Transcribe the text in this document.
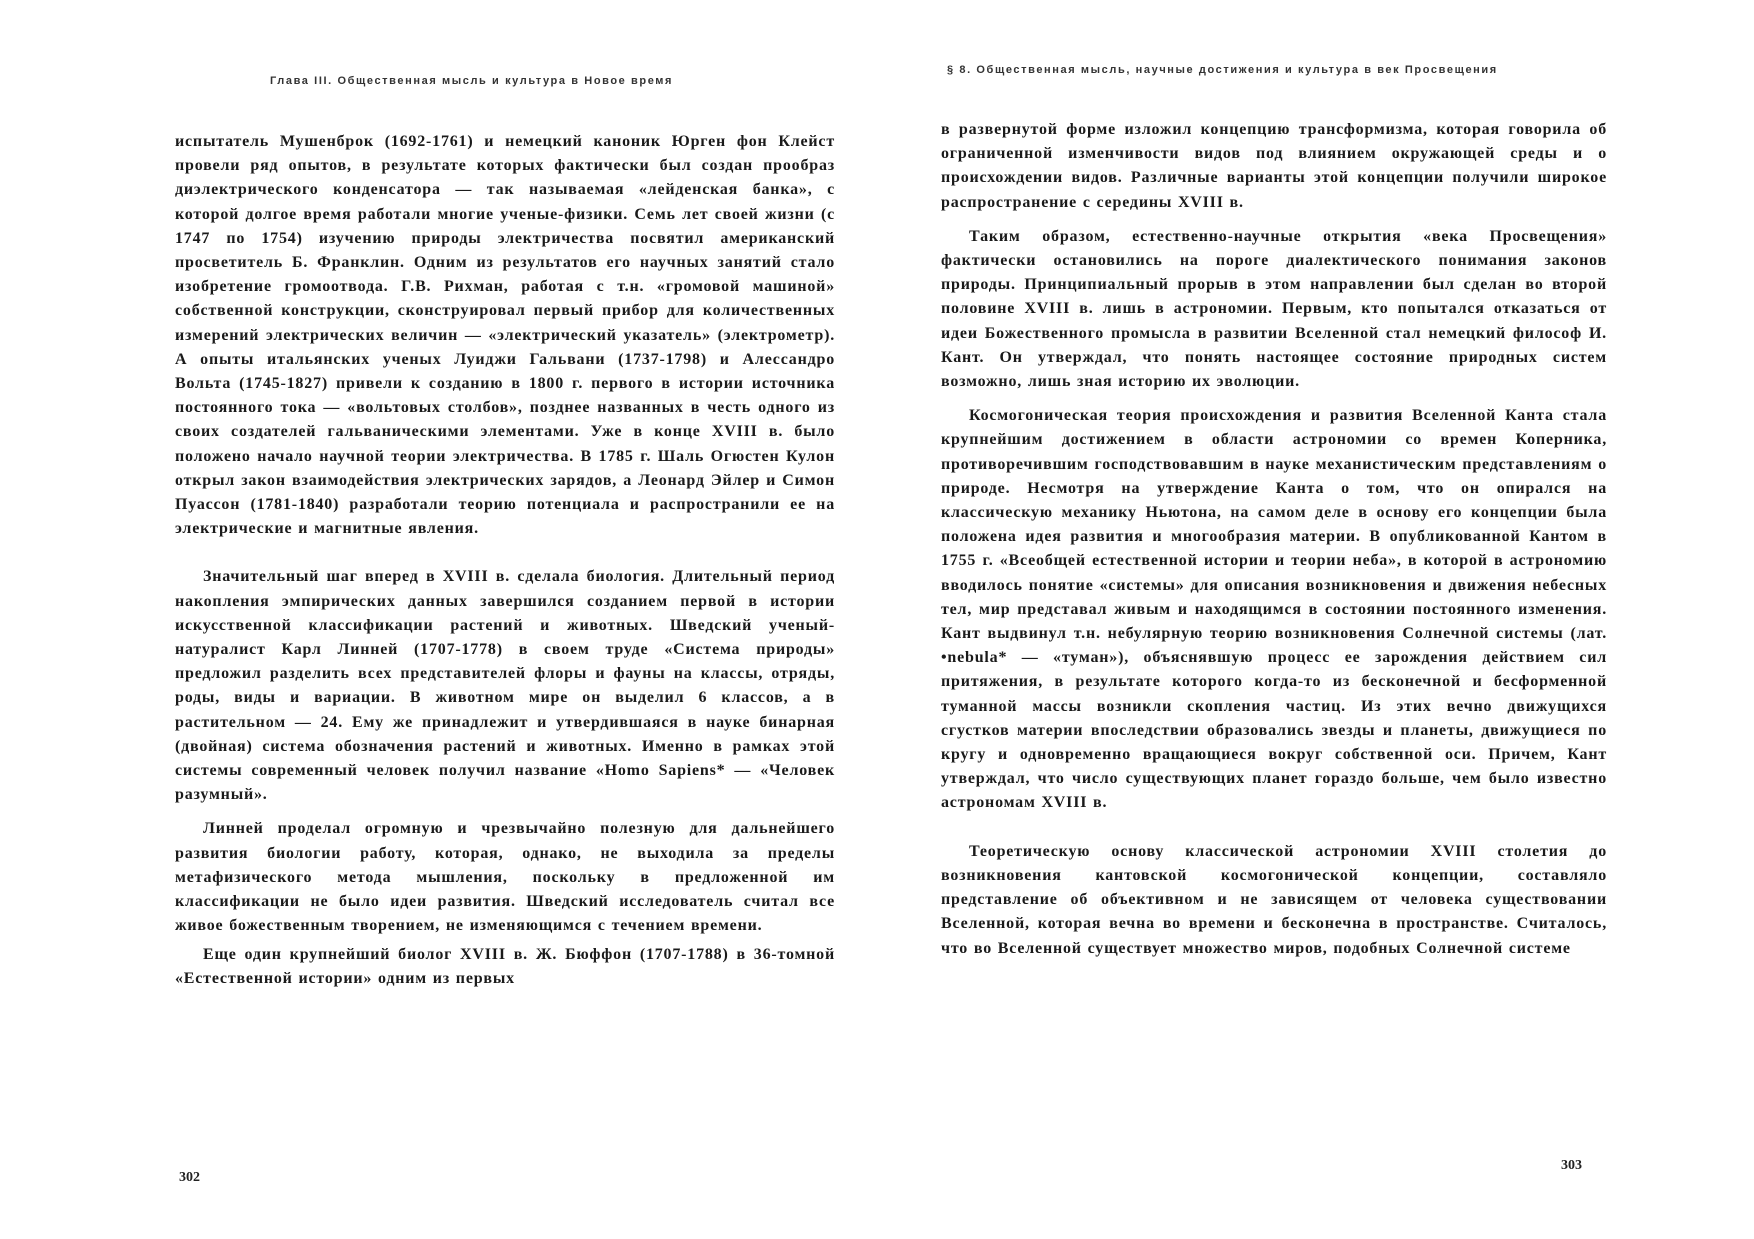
Глава III. Общественная мысль и культура в Новое время

испытатель Мушенброк (1692-1761) и немецкий каноник Юрген фон Клейст провели ряд опытов, в результате которых фактически был создан прообраз диэлектрического конденсатора — так называемая «лейденская банка», с которой долгое время работали многие ученые-физики. Семь лет своей жизни (с 1747 по 1754) изучению природы электричества посвятил американский просветитель Б. Франклин. Одним из результатов его научных занятий стало изобретение громоотвода. Г.В. Рихман, работая с т.н. «громовой машиной» собственной конструкции, сконструировал первый прибор для количественных измерений электрических величин — «электрический указатель» (электрометр). А опыты итальянских ученых Луиджи Гальвани (1737-1798) и Алессандро Вольта (1745-1827) привели к созданию в 1800 г. первого в истории источника постоянного тока — «вольтовых столбов», позднее названных в честь одного из своих создателей гальваническими элементами. Уже в конце XVIII в. было положено начало научной теории электричества. В 1785 г. Шаль Огюстен Кулон открыл закон взаимодействия электрических зарядов, а Леонард Эйлер и Симон Пуассон (1781-1840) разработали теорию потенциала и распространили ее на электрические и магнитные явления.

Значительный шаг вперед в XVIII в. сделала биология. Длительный период накопления эмпирических данных завершился созданием первой в истории искусственной классификации растений и животных. Шведский ученый-натуралист Карл Линней (1707-1778) в своем труде «Система природы» предложил разделить всех представителей флоры и фауны на классы, отряды, роды, виды и вариации. В животном мире он выделил 6 классов, а в растительном — 24. Ему же принадлежит и утвердившаяся в науке бинарная (двойная) система обозначения растений и животных. Именно в рамках этой системы современный человек получил название «Homo Sapiens* — «Человек разумный».

Линней проделал огромную и чрезвычайно полезную для дальнейшего развития биологии работу, которая, однако, не выходила за пределы метафизического метода мышления, поскольку в предложенной им классификации не было идеи развития. Шведский исследователь считал все живое божественным творением, не изменяющимся с течением времени.

Еще один крупнейший биолог XVIII в. Ж. Бюффон (1707-1788) в 36-томной «Естественной истории» одним из первых

302
§ 8. Общественная мысль, научные достижения и культура в век Просвещения

в развернутой форме изложил концепцию трансформизма, которая говорила об ограниченной изменчивости видов под влиянием окружающей среды и о происхождении видов. Различные варианты этой концепции получили широкое распространение с середины XVIII в.

Таким образом, естественно-научные открытия «века Просвещения» фактически остановились на пороге диалектического понимания законов природы. Принципиальный прорыв в этом направлении был сделан во второй половине XVIII в. лишь в астрономии. Первым, кто попытался отказаться от идеи Божественного промысла в развитии Вселенной стал немецкий философ И. Кант. Он утверждал, что понять настоящее состояние природных систем возможно, лишь зная историю их эволюции.

Космогоническая теория происхождения и развития Вселенной Канта стала крупнейшим достижением в области астрономии со времен Коперника, противоречившим господствовавшим в науке механистическим представлениям о природе. Несмотря на утверждение Канта о том, что он опирался на классическую механику Ньютона, на самом деле в основу его концепции была положена идея развития и многообразия материи. В опубликованной Кантом в 1755 г. «Всеобщей естественной истории и теории неба», в которой в астрономию вводилось понятие «системы» для описания возникновения и движения небесных тел, мир представал живым и находящимся в состоянии постоянного изменения. Кант выдвинул т.н. небулярную теорию возникновения Солнечной системы (лат. •nebula* — «туман»), объяснявшую процесс ее зарождения действием сил притяжения, в результате которого когда-то из бесконечной и бесформенной туманной массы возникли скопления частиц. Из этих вечно движущихся сгустков материи впоследствии образовались звезды и планеты, движущиеся по кругу и одновременно вращающиеся вокруг собственной оси. Причем, Кант утверждал, что число существующих планет гораздо больше, чем было известно астрономам XVIII в.

Теоретическую основу классической астрономии XVIII столетия до возникновения кантовской космогонической концепции, составляло представление об объективном и не зависящем от человека существовании Вселенной, которая вечна во времени и бесконечна в пространстве. Считалось, что во Вселенной существует множество миров, подобных Солнечной системе

303
